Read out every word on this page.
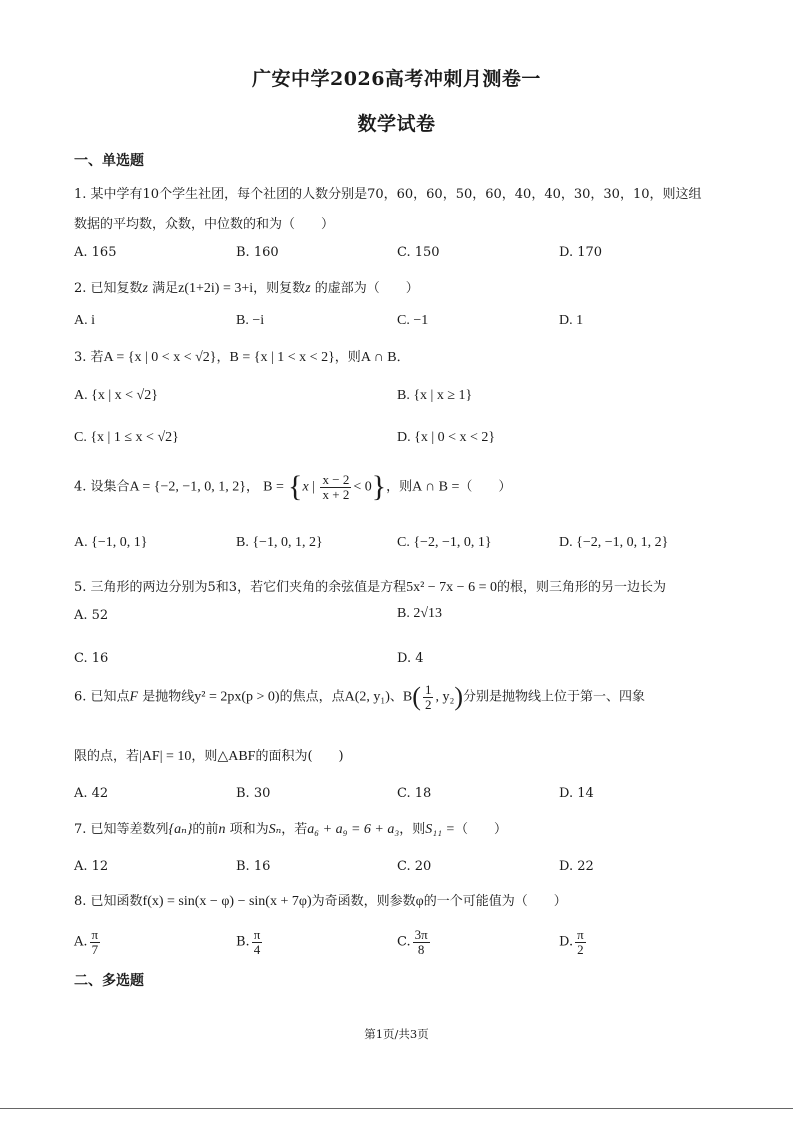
广安中学2026高考冲刺月测卷一
数学试卷
一、单选题
1. 某中学有10个学生社团，每个社团的人数分别是70，60，60，50，60，40，40，30，30，10，则这组
数据的平均数，众数，中位数的和为（　　）
A. 165	B. 160	C. 150	D. 170
2. 已知复数z 满足z(1+2i) = 3+i，则复数z 的虚部为（　　）
A. i	B. −i	C. −1	D. 1
3. 若A = {x | 0 < x < √2}，B = {x | 1 < x < 2}，则A ∩ B．
A. {x | x < √2}	B. {x | x ≥ 1}
C. {x | 1 ≤ x < √2}	D. {x | 0 < x < 2}
4. 设集合A = {−2, −1, 0, 1, 2}， B = {x | $\frac{x - 2}{x + 2} < 0$}，则A ∩ B =（　　）
A. {−1, 0, 1}	B. {−1, 0, 1, 2}	C. {−2, −1, 0, 1}	D. {−2, −1, 0, 1, 2}
5. 三角形的两边分别为5和3，若它们夹角的余弦值是方程5x² − 7x − 6 = 0的根，则三角形的另一边长为
A. 52	B. 2√13
C. 16	D. 4
6. 已知点F 是抛物线y² = 2px(p > 0)的焦点，点A(2, y₁)、$B( \frac{1}{2}$ , y₂)分别是抛物线上位于第一、四象
限的点，若|AF| = 10，则△ABF的面积为(　　)
A. 42	B. 30	C. 18	D. 14
7. 已知等差数列{aₙ}的前n 项和为Sₙ，若a₆ + a₉ = 6 + a₃，则S₁₁ =（　　）
A. 12	B. 16	C. 20	D. 22
8. 已知函数f(x) = sin(x − φ) − sin(x + 7φ)为奇函数，则参数φ的一个可能值为（　　）
A. $\frac{\pi}{7}$	B. $\frac{\pi}{4}$	C. $\frac{3\pi}{8}$	D. $\frac{\pi}{2}$
二、多选题
第1页/共3页
